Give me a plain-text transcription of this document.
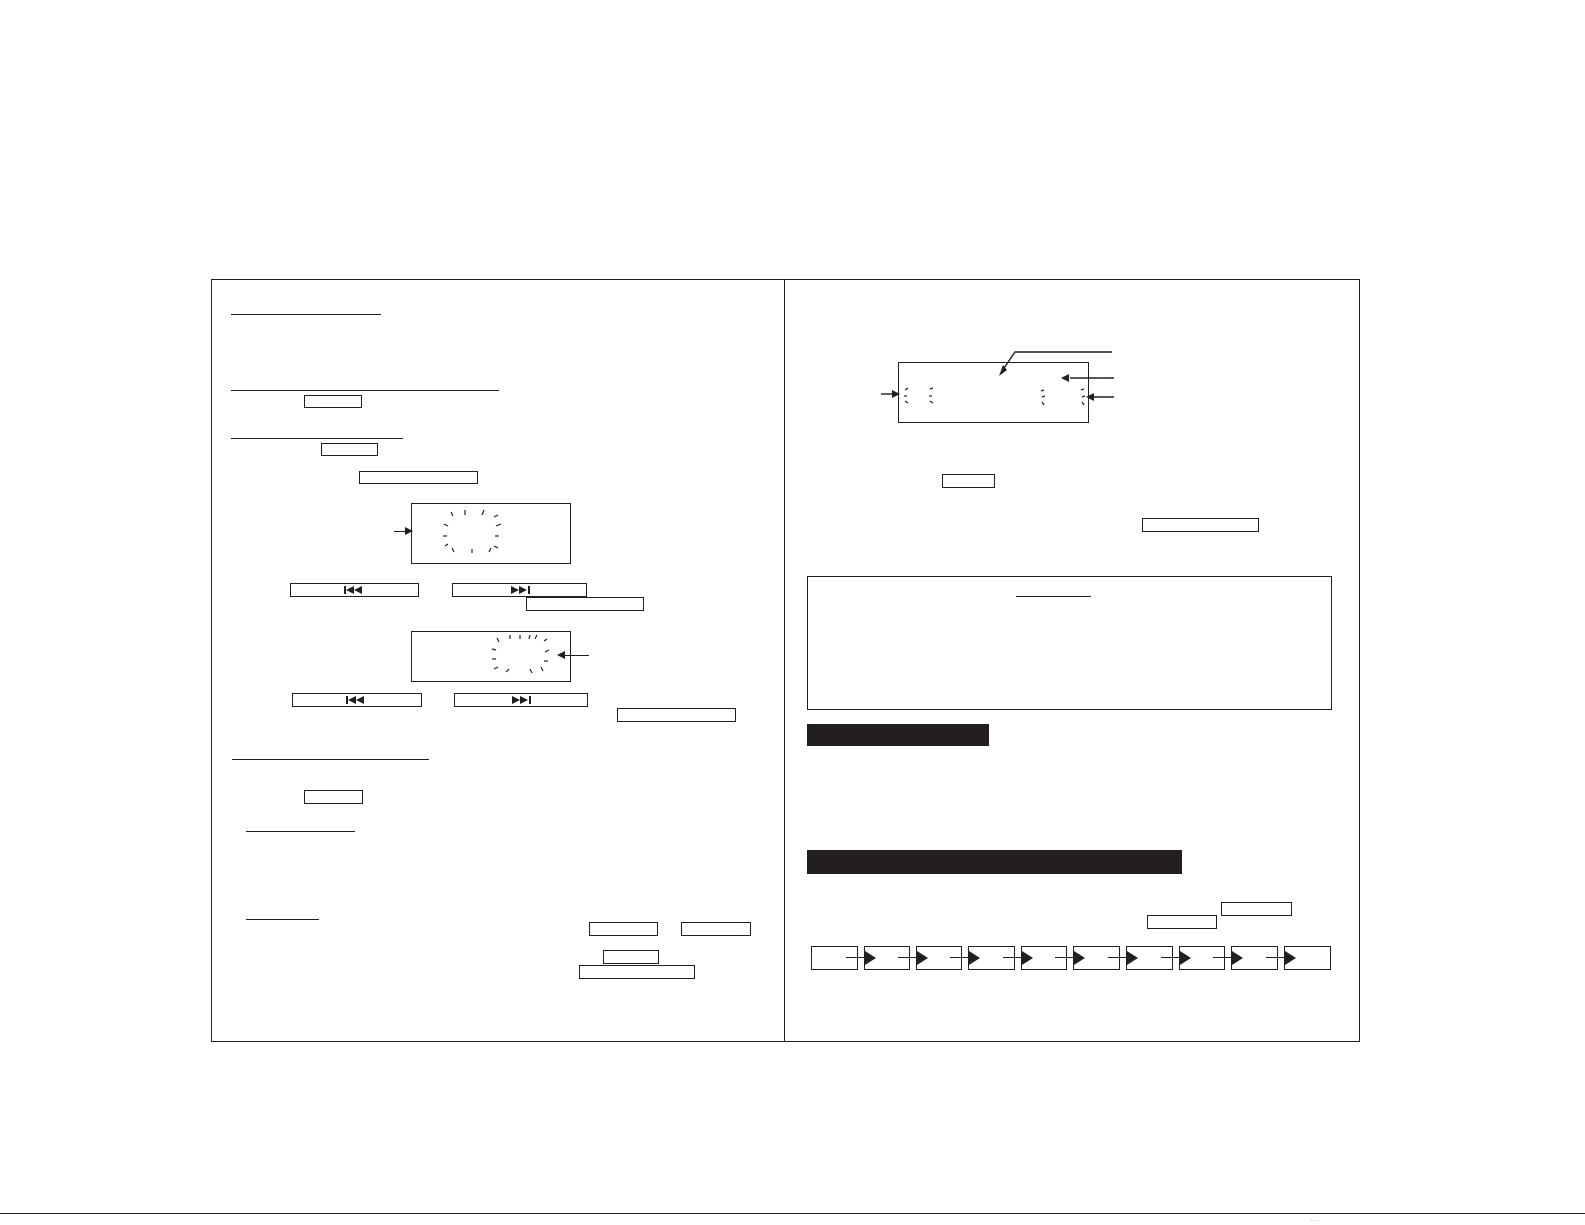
...
